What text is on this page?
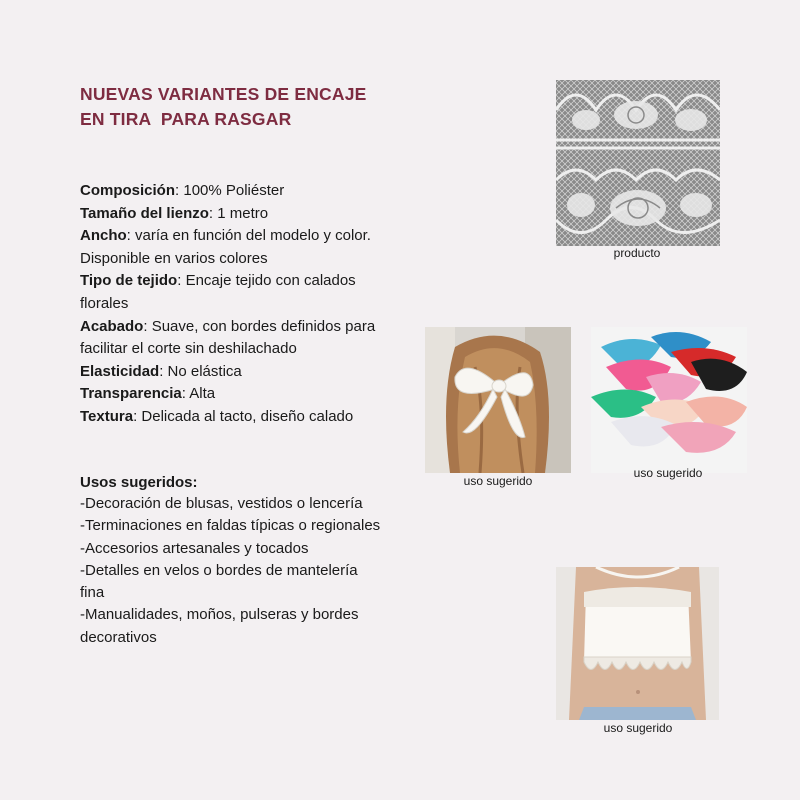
NUEVAS VARIANTES DE ENCAJE
EN TIRA  PARA RASGAR

Composición: 100% Poliéster

Tamaño del lienzo: 1 metro

Ancho: varía en función del modelo y color.

Disponible en varios colores

Tipo de tejido: Encaje tejido con calados florales

Acabado: Suave, con bordes definidos para facilitar el corte sin deshilachado

Elasticidad: No elástica

Transparencia: Alta

Textura: Delicada al tacto, diseño calado

Usos sugeridos:

-Decoración de blusas, vestidos o lencería

-Terminaciones en faldas típicas o regionales

-Accesorios artesanales y tocados

-Detalles en velos o bordes de mantelería fina

-Manualidades, moños, pulseras y bordes decorativos

producto
uso sugerido
uso sugerido
uso sugerido
